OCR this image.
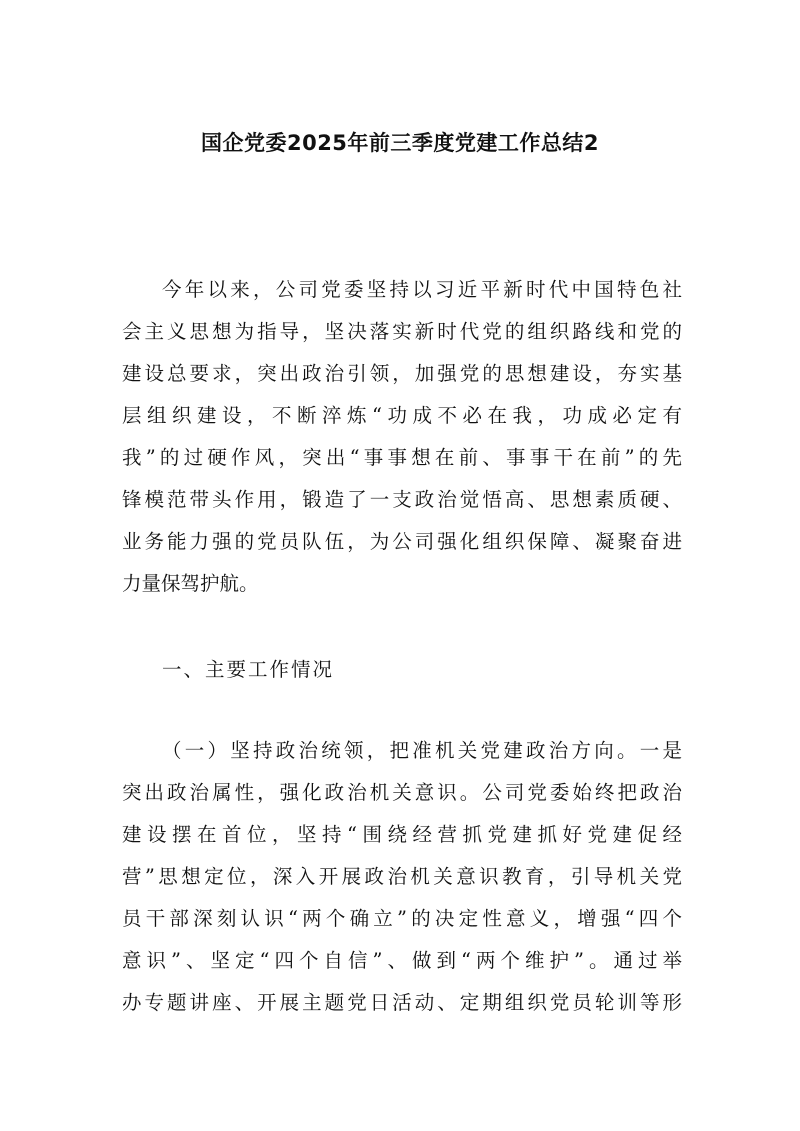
国企党委2025年前三季度党建工作总结2
今年以来，公司党委坚持以习近平新时代中国特色社
会主义思想为指导，坚决落实新时代党的组织路线和党的
建设总要求，突出政治引领，加强党的思想建设，夯实基
层组织建设，不断淬炼“功成不必在我，功成必定有
我”的过硬作风，突出“事事想在前、事事干在前”的先
锋模范带头作用，锻造了一支政治觉悟高、思想素质硬、
业务能力强的党员队伍，为公司强化组织保障、凝聚奋进
力量保驾护航。
一、主要工作情况
（一）坚持政治统领，把准机关党建政治方向。一是
突出政治属性，强化政治机关意识。公司党委始终把政治
建设摆在首位，坚持“围绕经营抓党建抓好党建促经
营”思想定位，深入开展政治机关意识教育，引导机关党
员干部深刻认识“两个确立”的决定性意义，增强“四个
意识”、坚定“四个自信”、做到“两个维护”。通过举
办专题讲座、开展主题党日活动、定期组织党员轮训等形
